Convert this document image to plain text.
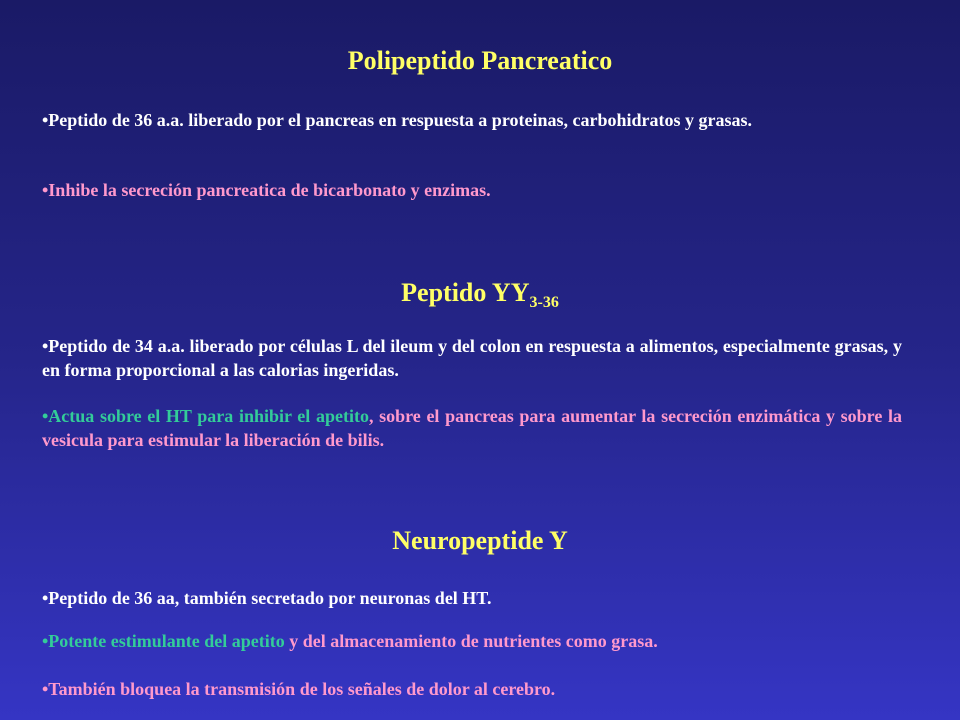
Polipeptido Pancreatico

•Peptido de 36 a.a. liberado por el pancreas en respuesta a proteinas, carbohidratos y grasas.

•Inhibe la secreción pancreatica de bicarbonato y enzimas.

Peptido $YY_{3-36}$

•Peptido de 34 a.a. liberado por células L del ileum y del colon en respuesta a alimentos, especialmente grasas, y en forma proporcional a las calorias ingeridas.

•Actua sobre el HT para inhibir el apetito, sobre el pancreas para aumentar la secreción enzimática y sobre la vesicula para estimular la liberación de bilis.

Neuropeptide Y

•Peptido de 36 aa, también secretado por neuronas del HT.

•Potente estimulante del apetito y del almacenamiento de nutrientes como grasa.

•También bloquea la transmisión de los señales de dolor al cerebro.
